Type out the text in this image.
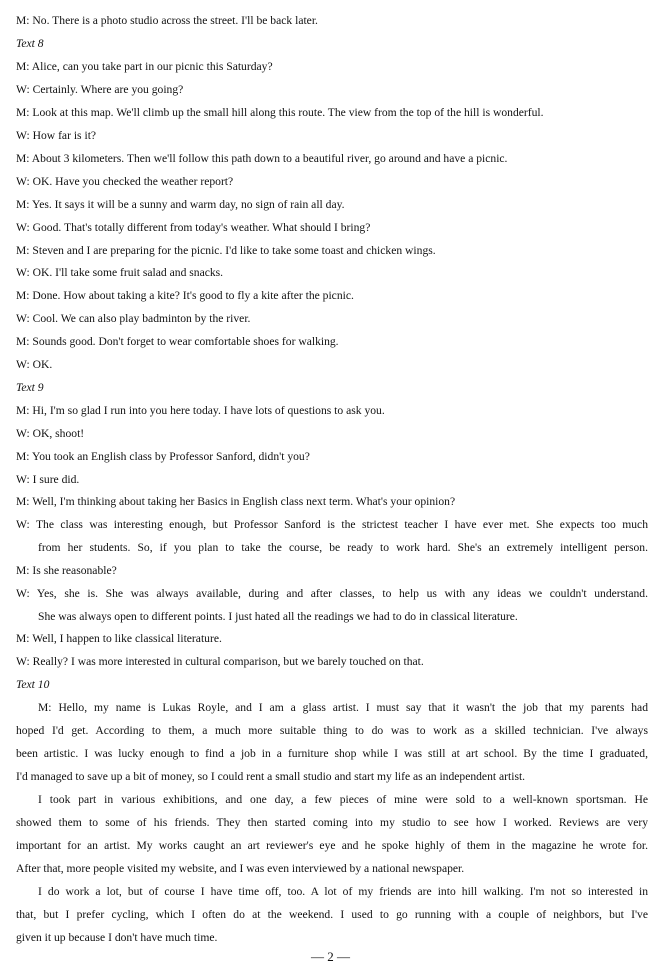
M: No. There is a photo studio across the street. I'll be back later.
Text 8
M: Alice, can you take part in our picnic this Saturday?
W: Certainly. Where are you going?
M: Look at this map. We'll climb up the small hill along this route. The view from the top of the hill is wonderful.
W: How far is it?
M: About 3 kilometers. Then we'll follow this path down to a beautiful river, go around and have a picnic.
W: OK. Have you checked the weather report?
M: Yes. It says it will be a sunny and warm day, no sign of rain all day.
W: Good. That's totally different from today's weather. What should I bring?
M: Steven and I are preparing for the picnic. I'd like to take some toast and chicken wings.
W: OK. I'll take some fruit salad and snacks.
M: Done. How about taking a kite? It's good to fly a kite after the picnic.
W: Cool. We can also play badminton by the river.
M: Sounds good. Don't forget to wear comfortable shoes for walking.
W: OK.
Text 9
M: Hi, I'm so glad I run into you here today. I have lots of questions to ask you.
W: OK, shoot!
M: You took an English class by Professor Sanford, didn't you?
W: I sure did.
M: Well, I'm thinking about taking her Basics in English class next term. What's your opinion?
W: The class was interesting enough, but Professor Sanford is the strictest teacher I have ever met. She expects too much
from her students. So, if you plan to take the course, be ready to work hard. She's an extremely intelligent person.
M: Is she reasonable?
W: Yes, she is. She was always available, during and after classes, to help us with any ideas we couldn't understand.
She was always open to different points. I just hated all the readings we had to do in classical literature.
M: Well, I happen to like classical literature.
W: Really? I was more interested in cultural comparison, but we barely touched on that.
Text 10
M: Hello, my name is Lukas Royle, and I am a glass artist. I must say that it wasn't the job that my parents had
hoped I'd get. According to them, a much more suitable thing to do was to work as a skilled technician. I've always
been artistic. I was lucky enough to find a job in a furniture shop while I was still at art school. By the time I graduated,
I'd managed to save up a bit of money, so I could rent a small studio and start my life as an independent artist.
I took part in various exhibitions, and one day, a few pieces of mine were sold to a well-known sportsman. He
showed them to some of his friends. They then started coming into my studio to see how I worked. Reviews are very
important for an artist. My works caught an art reviewer's eye and he spoke highly of them in the magazine he wrote for.
After that, more people visited my website, and I was even interviewed by a national newspaper.
I do work a lot, but of course I have time off, too. A lot of my friends are into hill walking. I'm not so interested in
that, but I prefer cycling, which I often do at the weekend. I used to go running with a couple of neighbors, but I've
given it up because I don't have much time.
— 2 —
